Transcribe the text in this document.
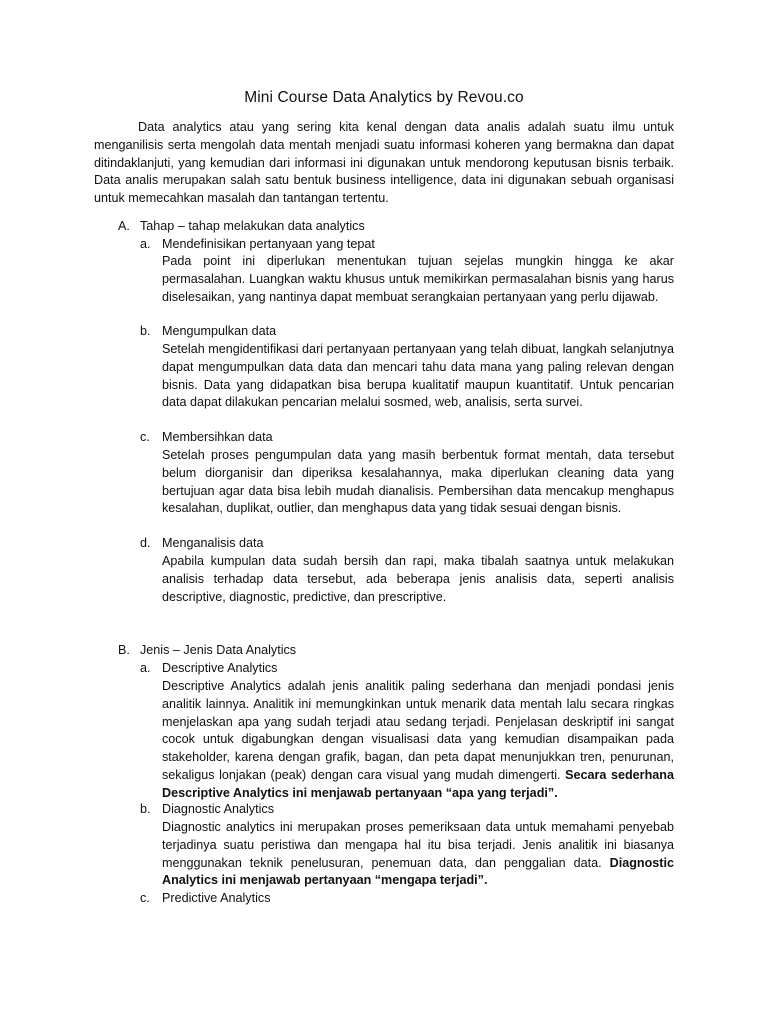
Mini Course Data Analytics by Revou.co

Data analytics atau yang sering kita kenal dengan data analis adalah suatu ilmu untuk menganilisis serta mengolah data mentah menjadi suatu informasi koheren yang bermakna dan dapat ditindaklanjuti, yang kemudian dari informasi ini digunakan untuk mendorong keputusan bisnis terbaik. Data analis merupakan salah satu bentuk business intelligence, data ini digunakan sebuah organisasi untuk memecahkan masalah dan tantangan tertentu.

A. Tahap – tahap melakukan data analytics

a. Mendefinisikan pertanyaan yang tepat

Pada point ini diperlukan menentukan tujuan sejelas mungkin hingga ke akar permasalahan. Luangkan waktu khusus untuk memikirkan permasalahan bisnis yang harus diselesaikan, yang nantinya dapat membuat serangkaian pertanyaan yang perlu dijawab.

b. Mengumpulkan data

Setelah mengidentifikasi dari pertanyaan pertanyaan yang telah dibuat, langkah selanjutnya dapat mengumpulkan data data dan mencari tahu data mana yang paling relevan dengan bisnis. Data yang didapatkan bisa berupa kualitatif maupun kuantitatif. Untuk pencarian data dapat dilakukan pencarian melalui sosmed, web, analisis, serta survei.

c. Membersihkan data

Setelah proses pengumpulan data yang masih berbentuk format mentah, data tersebut belum diorganisir dan diperiksa kesalahannya, maka diperlukan cleaning data yang bertujuan agar data bisa lebih mudah dianalisis. Pembersihan data mencakup menghapus kesalahan, duplikat, outlier, dan menghapus data yang tidak sesuai dengan bisnis.

d. Menganalisis data

Apabila kumpulan data sudah bersih dan rapi, maka tibalah saatnya untuk melakukan analisis terhadap data tersebut, ada beberapa jenis analisis data, seperti analisis descriptive, diagnostic, predictive, dan prescriptive.

B. Jenis – Jenis Data Analytics

a. Descriptive Analytics

Descriptive Analytics adalah jenis analitik paling sederhana dan menjadi pondasi jenis analitik lainnya. Analitik ini memungkinkan untuk menarik data mentah lalu secara ringkas menjelaskan apa yang sudah terjadi atau sedang terjadi. Penjelasan deskriptif ini sangat cocok untuk digabungkan dengan visualisasi data yang kemudian disampaikan pada stakeholder, karena dengan grafik, bagan, dan peta dapat menunjukkan tren, penurunan, sekaligus lonjakan (peak) dengan cara visual yang mudah dimengerti. Secara sederhana Descriptive Analytics ini menjawab pertanyaan “apa yang terjadi”.

b. Diagnostic Analytics

Diagnostic analytics ini merupakan proses pemeriksaan data untuk memahami penyebab terjadinya suatu peristiwa dan mengapa hal itu bisa terjadi. Jenis analitik ini biasanya menggunakan teknik penelusuran, penemuan data, dan penggalian data. Diagnostic Analytics ini menjawab pertanyaan “mengapa terjadi”.

c. Predictive Analytics
